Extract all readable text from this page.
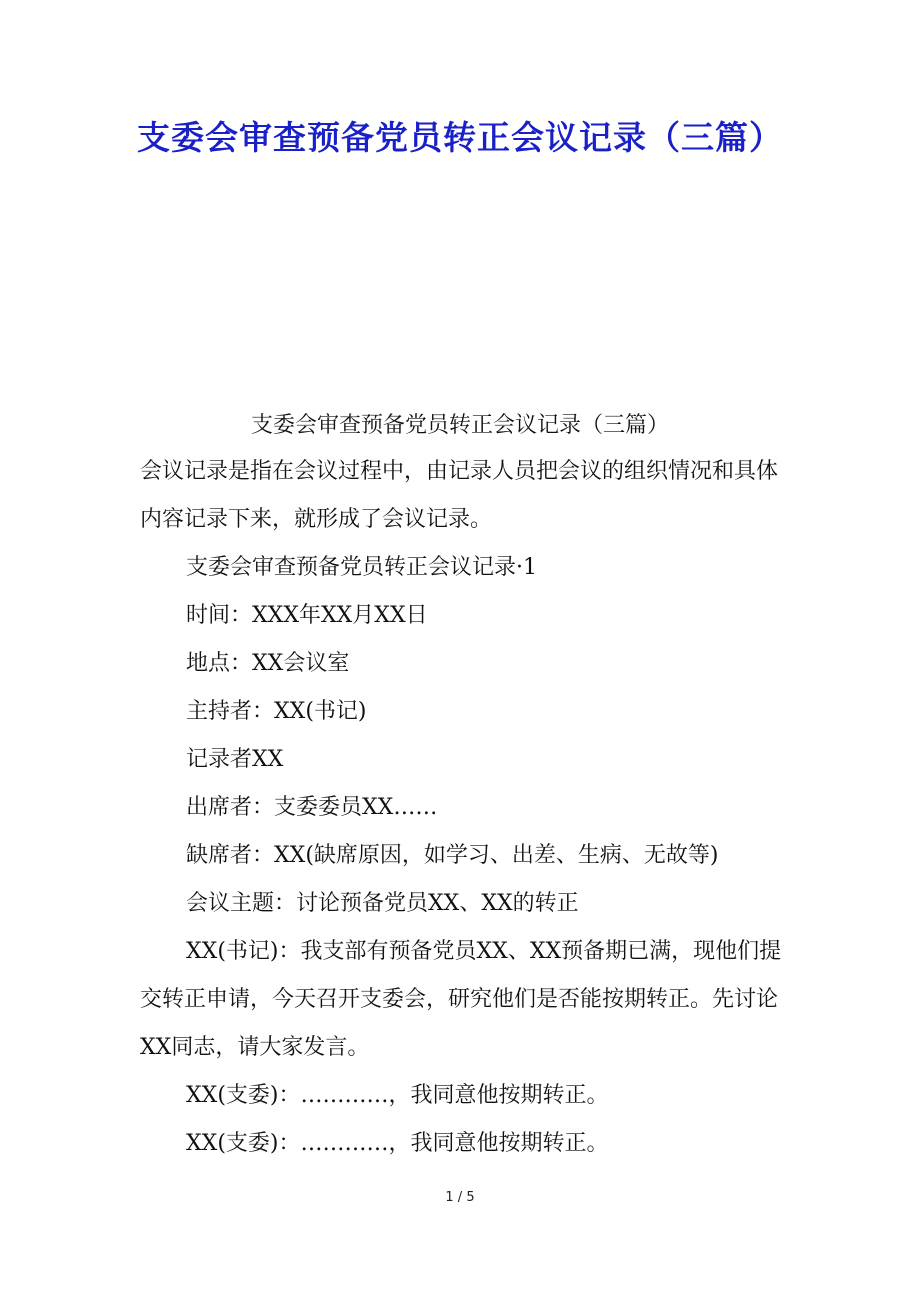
支委会审查预备党员转正会议记录（三篇）

支委会审查预备党员转正会议记录（三篇）

会议记录是指在会议过程中，由记录人员把会议的组织情况和具体内容记录下来，就形成了会议记录。

支委会审查预备党员转正会议记录·1

时间：XXX年XX月XX日

地点：XX会议室

主持者：XX(书记)

记录者XX

出席者：支委委员XX……

缺席者：XX(缺席原因，如学习、出差、生病、无故等)

会议主题：讨论预备党员XX、XX的转正

XX(书记)：我支部有预备党员XX、XX预备期已满，现他们提交转正申请，今天召开支委会，研究他们是否能按期转正。先讨论XX同志，请大家发言。

XX(支委)：…………，我同意他按期转正。

XX(支委)：…………，我同意他按期转正。

1 / 5
